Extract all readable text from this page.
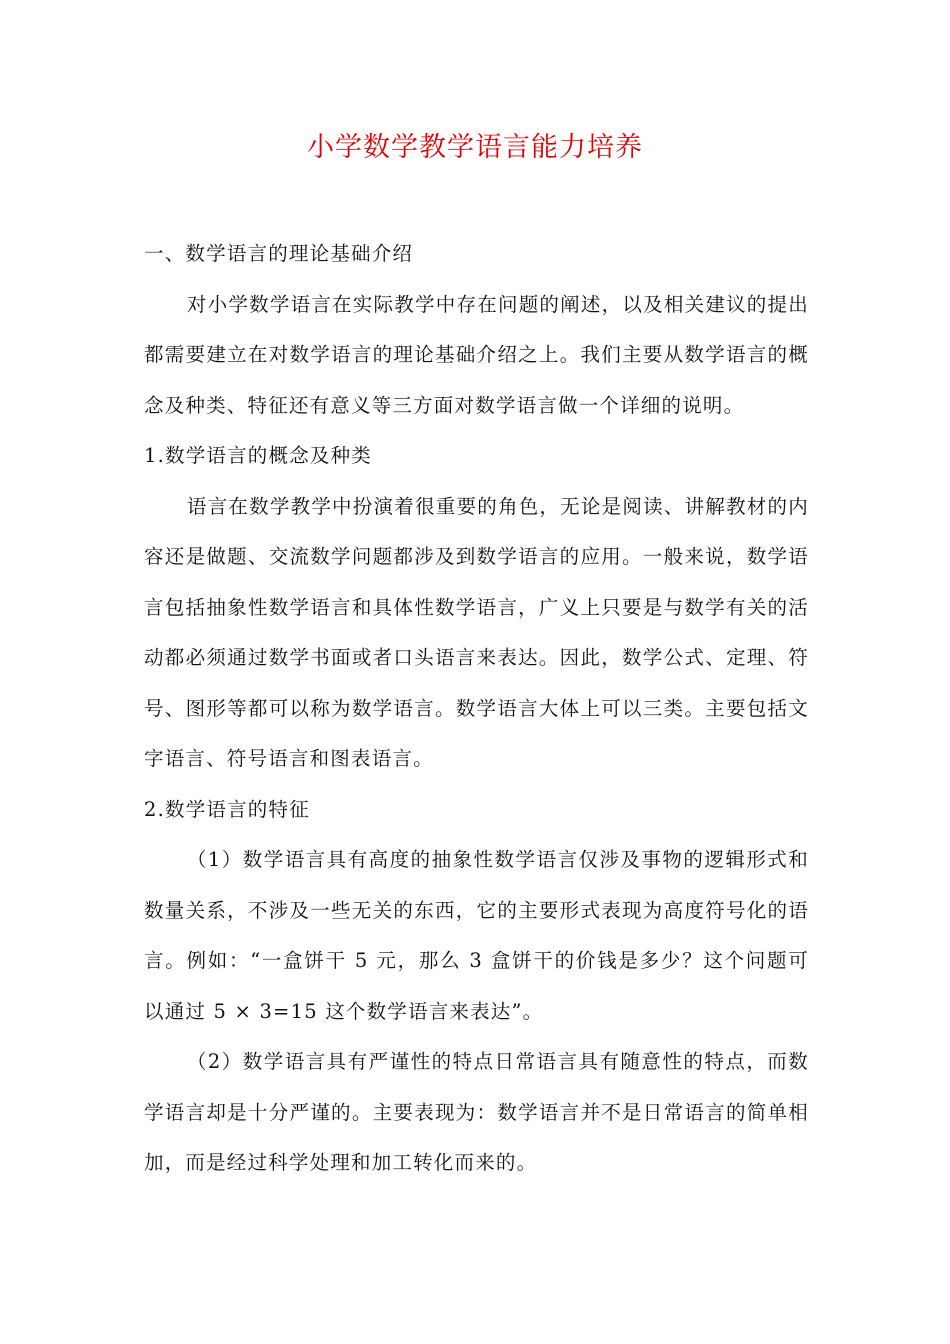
小学数学教学语言能力培养

一、数学语言的理论基础介绍

对小学数学语言在实际教学中存在问题的阐述，以及相关建议的提出都需要建立在对数学语言的理论基础介绍之上。我们主要从数学语言的概念及种类、特征还有意义等三方面对数学语言做一个详细的说明。

1.数学语言的概念及种类

语言在数学教学中扮演着很重要的角色，无论是阅读、讲解教材的内容还是做题、交流数学问题都涉及到数学语言的应用。一般来说，数学语言包括抽象性数学语言和具体性数学语言，广义上只要是与数学有关的活动都必须通过数学书面或者口头语言来表达。因此，数学公式、定理、符号、图形等都可以称为数学语言。数学语言大体上可以三类。主要包括文字语言、符号语言和图表语言。

2.数学语言的特征

（1）数学语言具有高度的抽象性数学语言仅涉及事物的逻辑形式和数量关系，不涉及一些无关的东西，它的主要形式表现为高度符号化的语言。例如：“一盒饼干 5 元，那么 3 盒饼干的价钱是多少？这个问题可以通过 5 × 3=15 这个数学语言来表达”。

（2）数学语言具有严谨性的特点日常语言具有随意性的特点，而数学语言却是十分严谨的。主要表现为：数学语言并不是日常语言的简单相加，而是经过科学处理和加工转化而来的。
